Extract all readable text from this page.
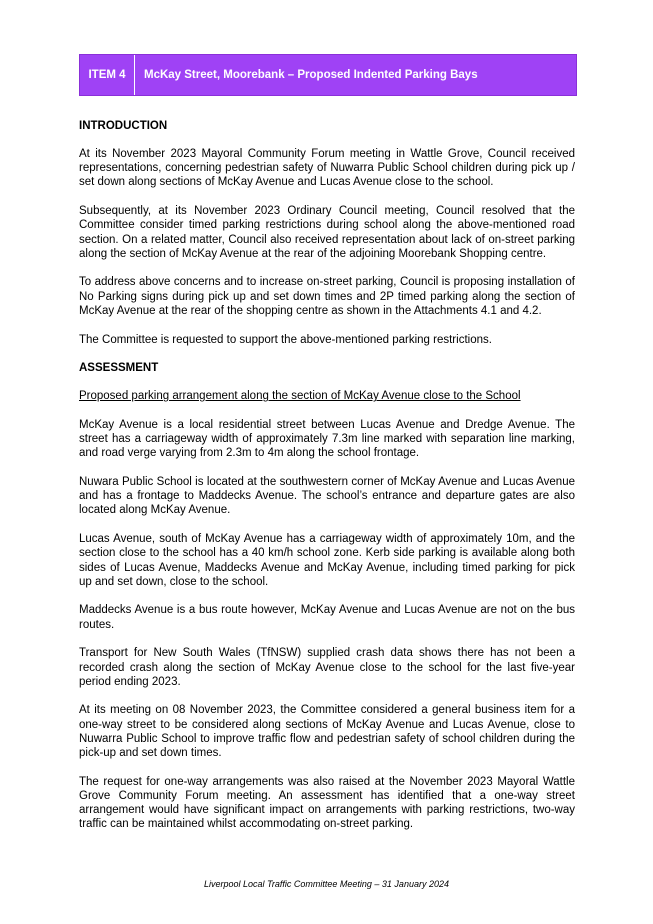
ITEM 4	McKay Street, Moorebank – Proposed Indented Parking Bays
INTRODUCTION

At its November 2023 Mayoral Community Forum meeting in Wattle Grove, Council received representations, concerning pedestrian safety of Nuwarra Public School children during pick up / set down along sections of McKay Avenue and Lucas Avenue close to the school.

Subsequently, at its November 2023 Ordinary Council meeting, Council resolved that the Committee consider timed parking restrictions during school along the above-mentioned road section. On a related matter, Council also received representation about lack of on-street parking along the section of McKay Avenue at the rear of the adjoining Moorebank Shopping centre.

To address above concerns and to increase on-street parking, Council is proposing installation of No Parking signs during pick up and set down times and 2P timed parking along the section of McKay Avenue at the rear of the shopping centre as shown in the Attachments 4.1 and 4.2.

The Committee is requested to support the above-mentioned parking restrictions.

ASSESSMENT

Proposed parking arrangement along the section of McKay Avenue close to the School

McKay Avenue is a local residential street between Lucas Avenue and Dredge Avenue. The street has a carriageway width of approximately 7.3m line marked with separation line marking, and road verge varying from 2.3m to 4m along the school frontage.

Nuwara Public School is located at the southwestern corner of McKay Avenue and Lucas Avenue and has a frontage to Maddecks Avenue. The school’s entrance and departure gates are also located along McKay Avenue.

Lucas Avenue, south of McKay Avenue has a carriageway width of approximately 10m, and the section close to the school has a 40 km/h school zone. Kerb side parking is available along both sides of Lucas Avenue, Maddecks Avenue and McKay Avenue, including timed parking for pick up and set down, close to the school.

Maddecks Avenue is a bus route however, McKay Avenue and Lucas Avenue are not on the bus routes.

Transport for New South Wales (TfNSW) supplied crash data shows there has not been a recorded crash along the section of McKay Avenue close to the school for the last five-year period ending 2023.

At its meeting on 08 November 2023, the Committee considered a general business item for a one-way street to be considered along sections of McKay Avenue and Lucas Avenue, close to Nuwarra Public School to improve traffic flow and pedestrian safety of school children during the pick-up and set down times.

The request for one-way arrangements was also raised at the November 2023 Mayoral Wattle Grove Community Forum meeting. An assessment has identified that a one-way street arrangement would have significant impact on arrangements with parking restrictions, two-way traffic can be maintained whilst accommodating on-street parking.

Liverpool Local Traffic Committee Meeting – 31 January 2024
